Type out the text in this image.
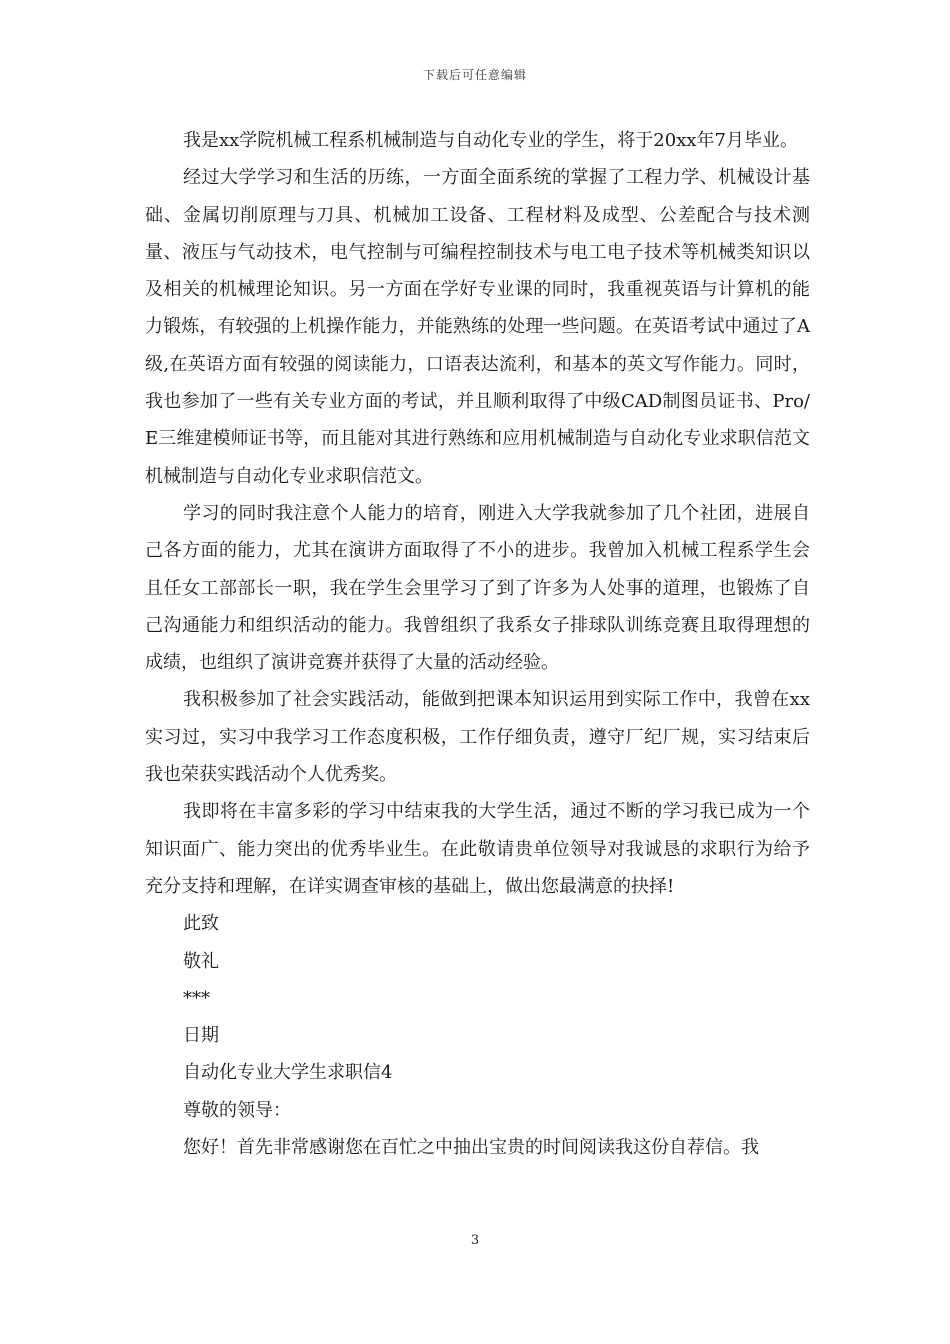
下载后可任意编辑

我是xx学院机械工程系机械制造与自动化专业的学生，将于20xx年7月毕业。

经过大学学习和生活的历练，一方面全面系统的掌握了工程力学、机械设计基础、金属切削原理与刀具、机械加工设备、工程材料及成型、公差配合与技术测量、液压与气动技术，电气控制与可编程控制技术与电工电子技术等机械类知识以及相关的机械理论知识。另一方面在学好专业课的同时，我重视英语与计算机的能力锻炼，有较强的上机操作能力，并能熟练的处理一些问题。在英语考试中通过了A级,在英语方面有较强的阅读能力，口语表达流利，和基本的英文写作能力。同时，我也参加了一些有关专业方面的考试，并且顺利取得了中级CAD制图员证书、Pro/E三维建模师证书等，而且能对其进行熟练和应用机械制造与自动化专业求职信范文机械制造与自动化专业求职信范文。

学习的同时我注意个人能力的培育，刚进入大学我就参加了几个社团，进展自己各方面的能力，尤其在演讲方面取得了不小的进步。我曾加入机械工程系学生会且任女工部部长一职，我在学生会里学习了到了许多为人处事的道理，也锻炼了自己沟通能力和组织活动的能力。我曾组织了我系女子排球队训练竞赛且取得理想的成绩，也组织了演讲竞赛并获得了大量的活动经验。

我积极参加了社会实践活动，能做到把课本知识运用到实际工作中，我曾在xx实习过，实习中我学习工作态度积极，工作仔细负责，遵守厂纪厂规，实习结束后我也荣获实践活动个人优秀奖。

我即将在丰富多彩的学习中结束我的大学生活，通过不断的学习我已成为一个知识面广、能力突出的优秀毕业生。在此敬请贵单位领导对我诚恳的求职行为给予充分支持和理解，在详实调查审核的基础上，做出您最满意的抉择!

此致

敬礼

***

日期

自动化专业大学生求职信4

尊敬的领导：

您好！首先非常感谢您在百忙之中抽出宝贵的时间阅读我这份自荐信。我

3
